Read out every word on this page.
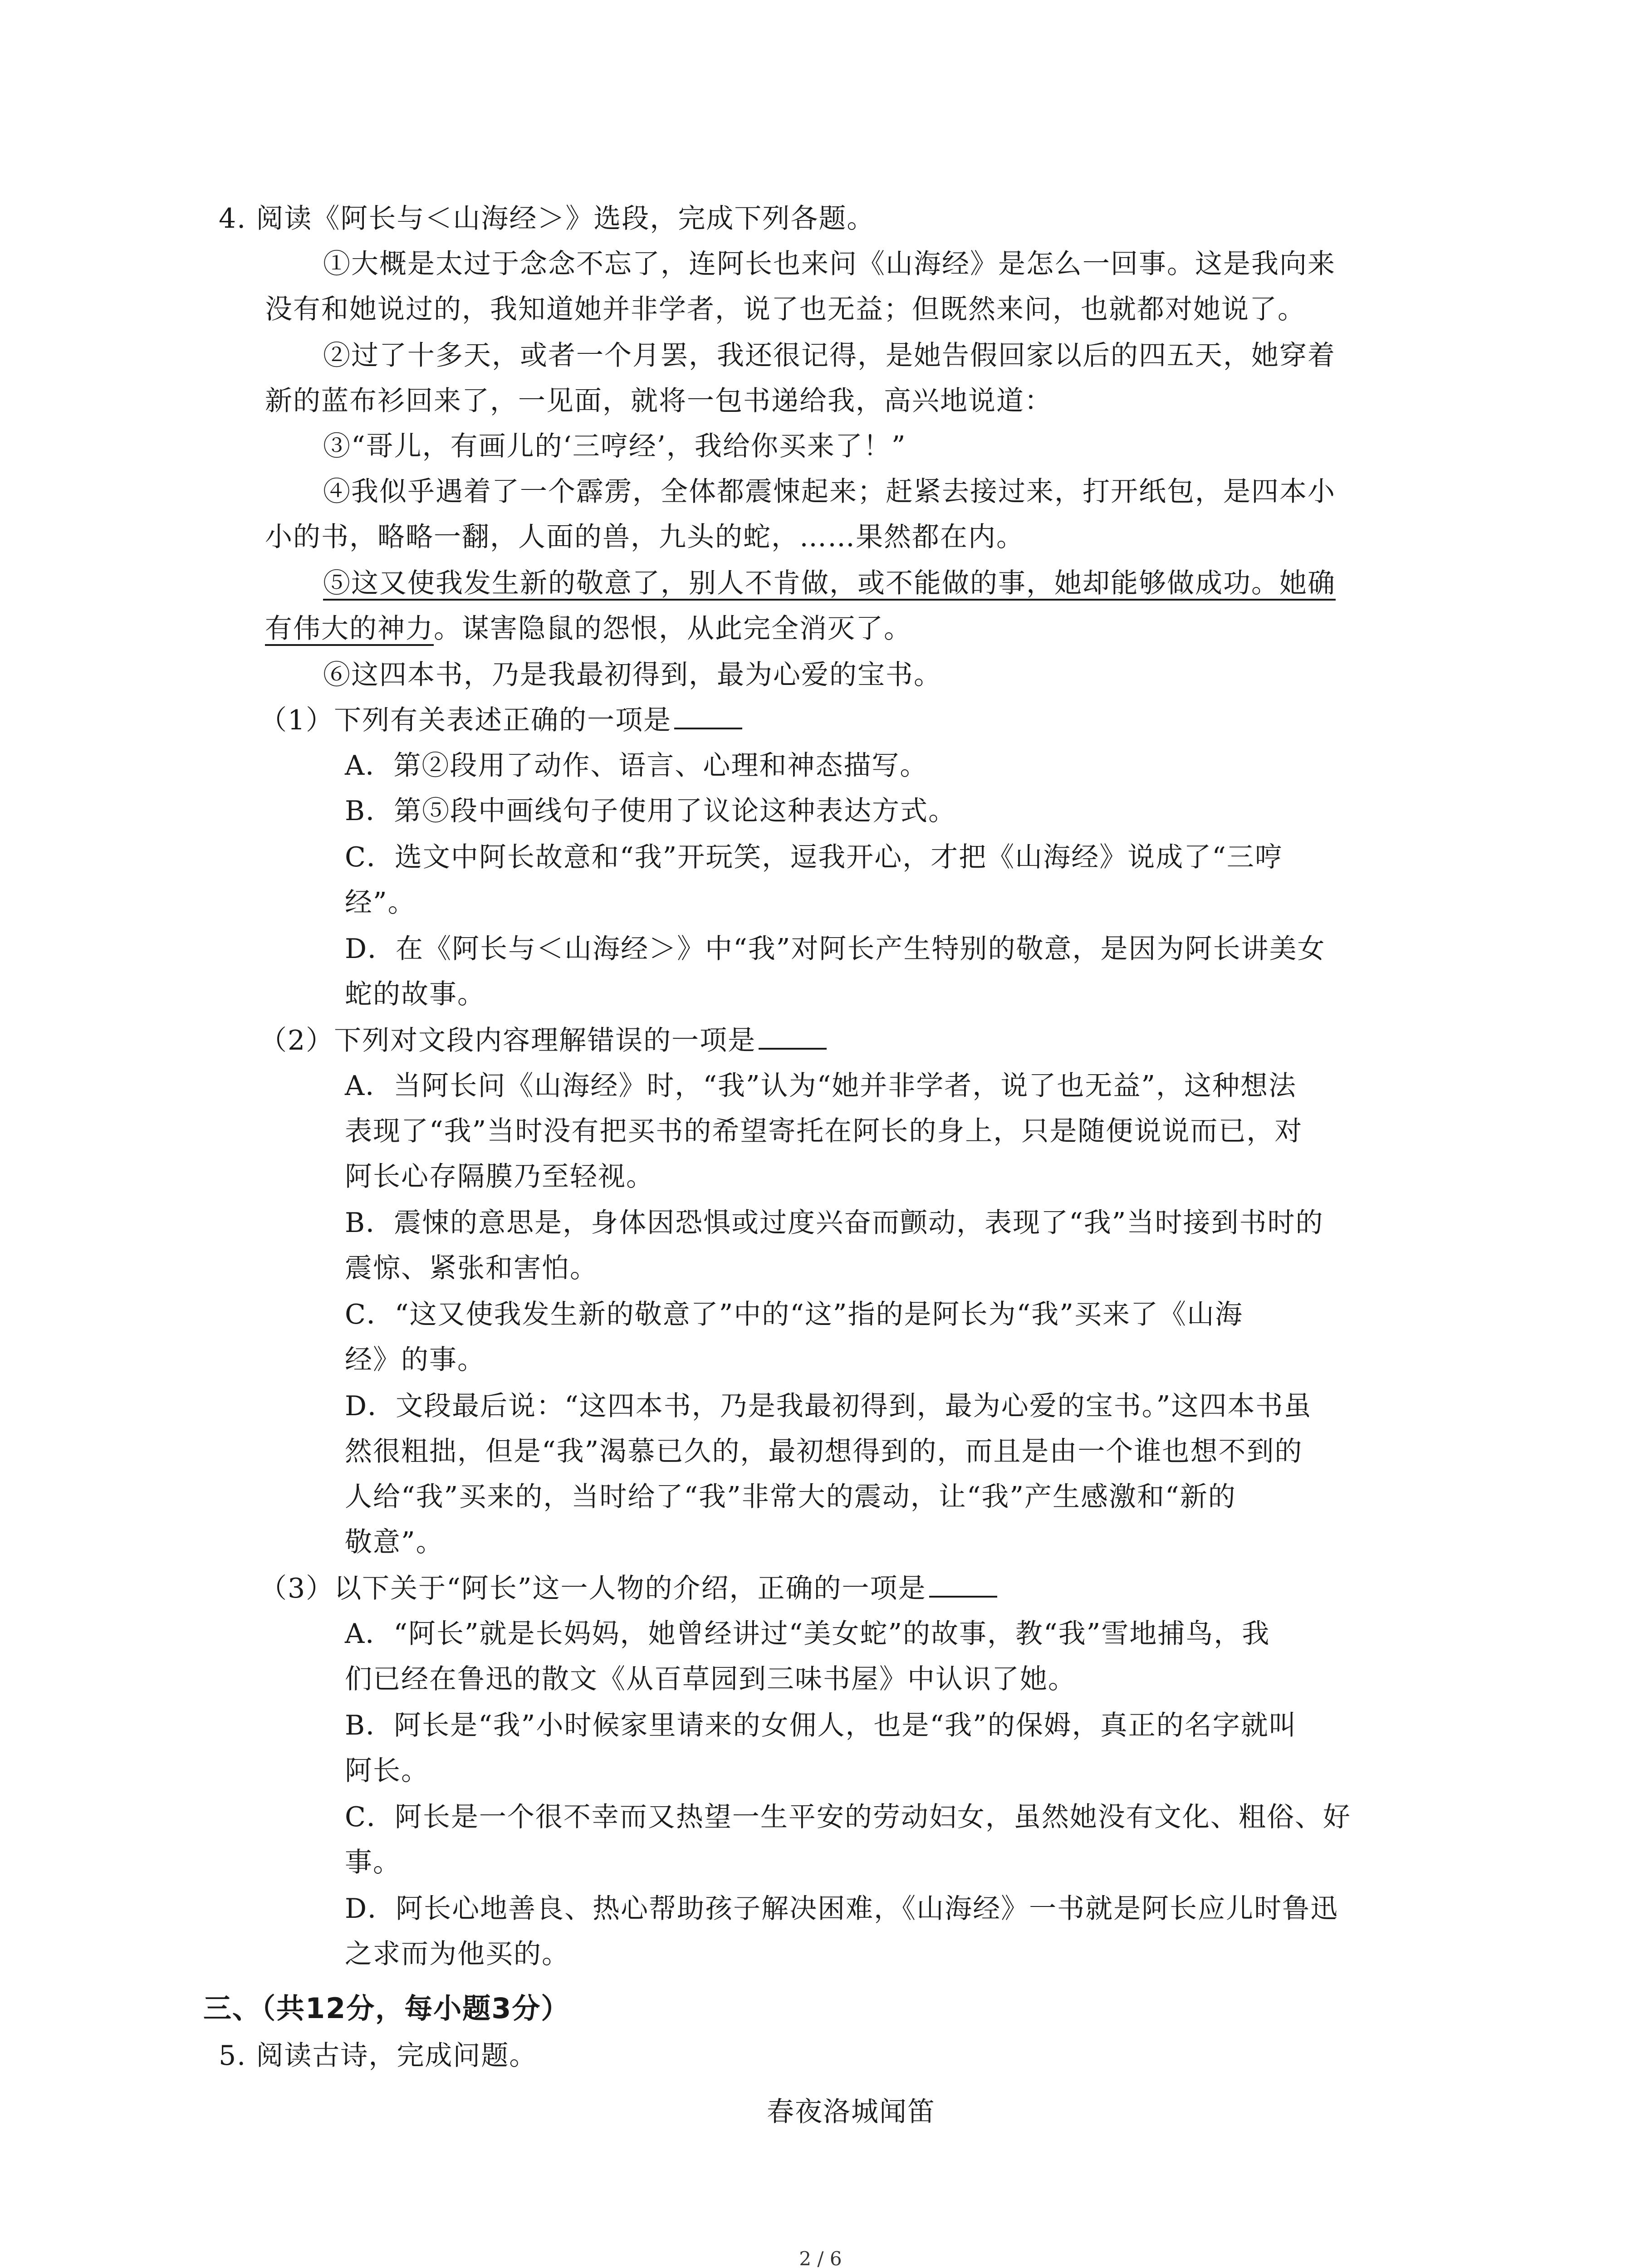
4. 阅读《阿长与＜山海经＞》选段，完成下列各题。
①大概是太过于念念不忘了，连阿长也来问《山海经》是怎么一回事。这是我向来
没有和她说过的，我知道她并非学者，说了也无益；但既然来问，也就都对她说了。
②过了十多天，或者一个月罢，我还很记得，是她告假回家以后的四五天，她穿着
新的蓝布衫回来了，一见面，就将一包书递给我，高兴地说道：
③“哥儿，有画儿的‘三哼经’，我给你买来了！”
④我似乎遇着了一个霹雳，全体都震悚起来；赶紧去接过来，打开纸包，是四本小
小的书，略略一翻，人面的兽，九头的蛇，……果然都在内。
⑤这又使我发生新的敬意了，别人不肯做，或不能做的事，她却能够做成功。她确
有伟大的神力。谋害隐鼠的怨恨，从此完全消灭了。
⑥这四本书，乃是我最初得到，最为心爱的宝书。
（1）下列有关表述正确的一项是
A．第②段用了动作、语言、心理和神态描写。
B．第⑤段中画线句子使用了议论这种表达方式。
C．选文中阿长故意和“我”开玩笑，逗我开心，才把《山海经》说成了“三哼
经”。
D．在《阿长与＜山海经＞》中“我”对阿长产生特别的敬意，是因为阿长讲美女
蛇的故事。
（2）下列对文段内容理解错误的一项是
A．当阿长问《山海经》时，“我”认为“她并非学者，说了也无益”，这种想法
表现了“我”当时没有把买书的希望寄托在阿长的身上，只是随便说说而已，对
阿长心存隔膜乃至轻视。
B．震悚的意思是，身体因恐惧或过度兴奋而颤动，表现了“我”当时接到书时的
震惊、紧张和害怕。
C．“这又使我发生新的敬意了”中的“这”指的是阿长为“我”买来了《山海
经》的事。
D．文段最后说：“这四本书，乃是我最初得到，最为心爱的宝书。”这四本书虽
然很粗拙，但是“我”渴慕已久的，最初想得到的，而且是由一个谁也想不到的
人给“我”买来的，当时给了“我”非常大的震动，让“我”产生感激和“新的
敬意”。
（3）以下关于“阿长”这一人物的介绍，正确的一项是
A．“阿长”就是长妈妈，她曾经讲过“美女蛇”的故事，教“我”雪地捕鸟，我
们已经在鲁迅的散文《从百草园到三味书屋》中认识了她。
B．阿长是“我”小时候家里请来的女佣人，也是“我”的保姆，真正的名字就叫
阿长。
C．阿长是一个很不幸而又热望一生平安的劳动妇女，虽然她没有文化、粗俗、好
事。
D．阿长心地善良、热心帮助孩子解决困难，《山海经》一书就是阿长应儿时鲁迅
之求而为他买的。
三、（共12分，每小题3分）
5. 阅读古诗，完成问题。
春夜洛城闻笛
2 / 6
